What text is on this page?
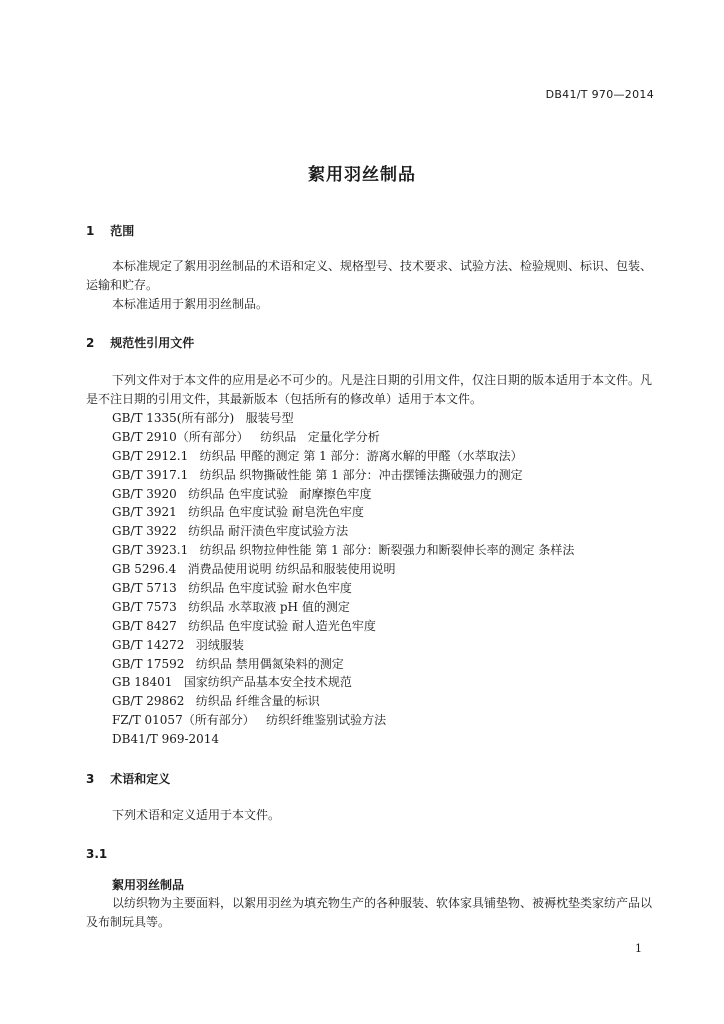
DB41/T 970—2014
絮用羽丝制品
1 范围
本标准规定了絮用羽丝制品的术语和定义、规格型号、技术要求、试验方法、检验规则、标识、包装、运输和贮存。
本标准适用于絮用羽丝制品。
2 规范性引用文件
下列文件对于本文件的应用是必不可少的。凡是注日期的引用文件，仅注日期的版本适用于本文件。凡是不注日期的引用文件，其最新版本（包括所有的修改单）适用于本文件。
GB/T 1335(所有部分)   服装号型
GB/T 2910（所有部分）   纺织品   定量化学分析
GB/T 2912.1   纺织品 甲醛的测定 第 1 部分：游离水解的甲醛（水萃取法）
GB/T 3917.1   纺织品 织物撕破性能 第 1 部分：冲击摆锤法撕破强力的测定
GB/T 3920   纺织品 色牢度试验   耐摩擦色牢度
GB/T 3921   纺织品 色牢度试验 耐皂洗色牢度
GB/T 3922   纺织品 耐汗渍色牢度试验方法
GB/T 3923.1   纺织品 织物拉伸性能 第 1 部分：断裂强力和断裂伸长率的测定 条样法
GB 5296.4   消费品使用说明 纺织品和服装使用说明
GB/T 5713   纺织品 色牢度试验 耐水色牢度
GB/T 7573   纺织品 水萃取液 pH 值的测定
GB/T 8427   纺织品 色牢度试验 耐人造光色牢度
GB/T 14272   羽绒服装
GB/T 17592   纺织品 禁用偶氮染料的测定
GB 18401   国家纺织产品基本安全技术规范
GB/T 29862   纺织品 纤维含量的标识
FZ/T 01057（所有部分）   纺织纤维鉴别试验方法
DB41/T 969-2014
3 术语和定义
下列术语和定义适用于本文件。
3.1
絮用羽丝制品
以纺织物为主要面料，以絮用羽丝为填充物生产的各种服装、软体家具铺垫物、被褥枕垫类家纺产品以及布制玩具等。
1
